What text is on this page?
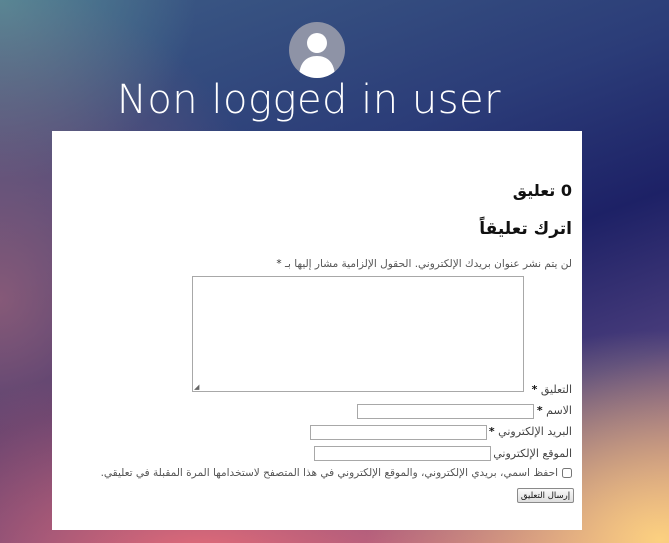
Non logged in user
0 تعليق
اترك تعليقاً
لن يتم نشر عنوان بريدك الإلكتروني. الحقول الإلزامية مشار إليها بـ *
◢	التعليق *
الاسم *
البريد الإلكتروني *
الموقع الإلكتروني
احفظ اسمي، بريدي الإلكتروني، والموقع الإلكتروني في هذا المتصفح لاستخدامها المرة المقبلة في تعليقي.
إرسال التعليق
